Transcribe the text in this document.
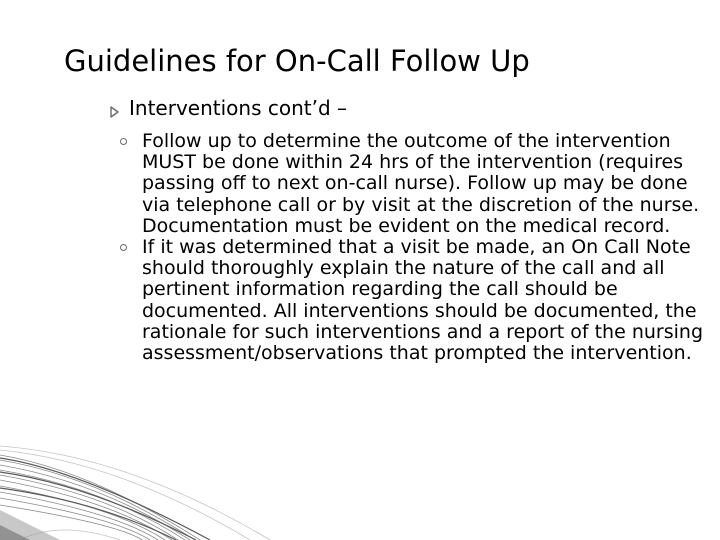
Guidelines for On-Call Follow Up
Interventions cont’d –
Follow up to determine the outcome of the intervention MUST be done within 24 hrs of the intervention (requires passing off to next on-call nurse). Follow up may be done via telephone call or by visit at the discretion of the nurse. Documentation must be evident on the medical record.
If it was determined that a visit be made, an On Call Note should thoroughly explain the nature of the call and all pertinent information regarding the call should be documented. All interventions should be documented, the rationale for such interventions and a report of the nursing assessment/observations that prompted the intervention.
